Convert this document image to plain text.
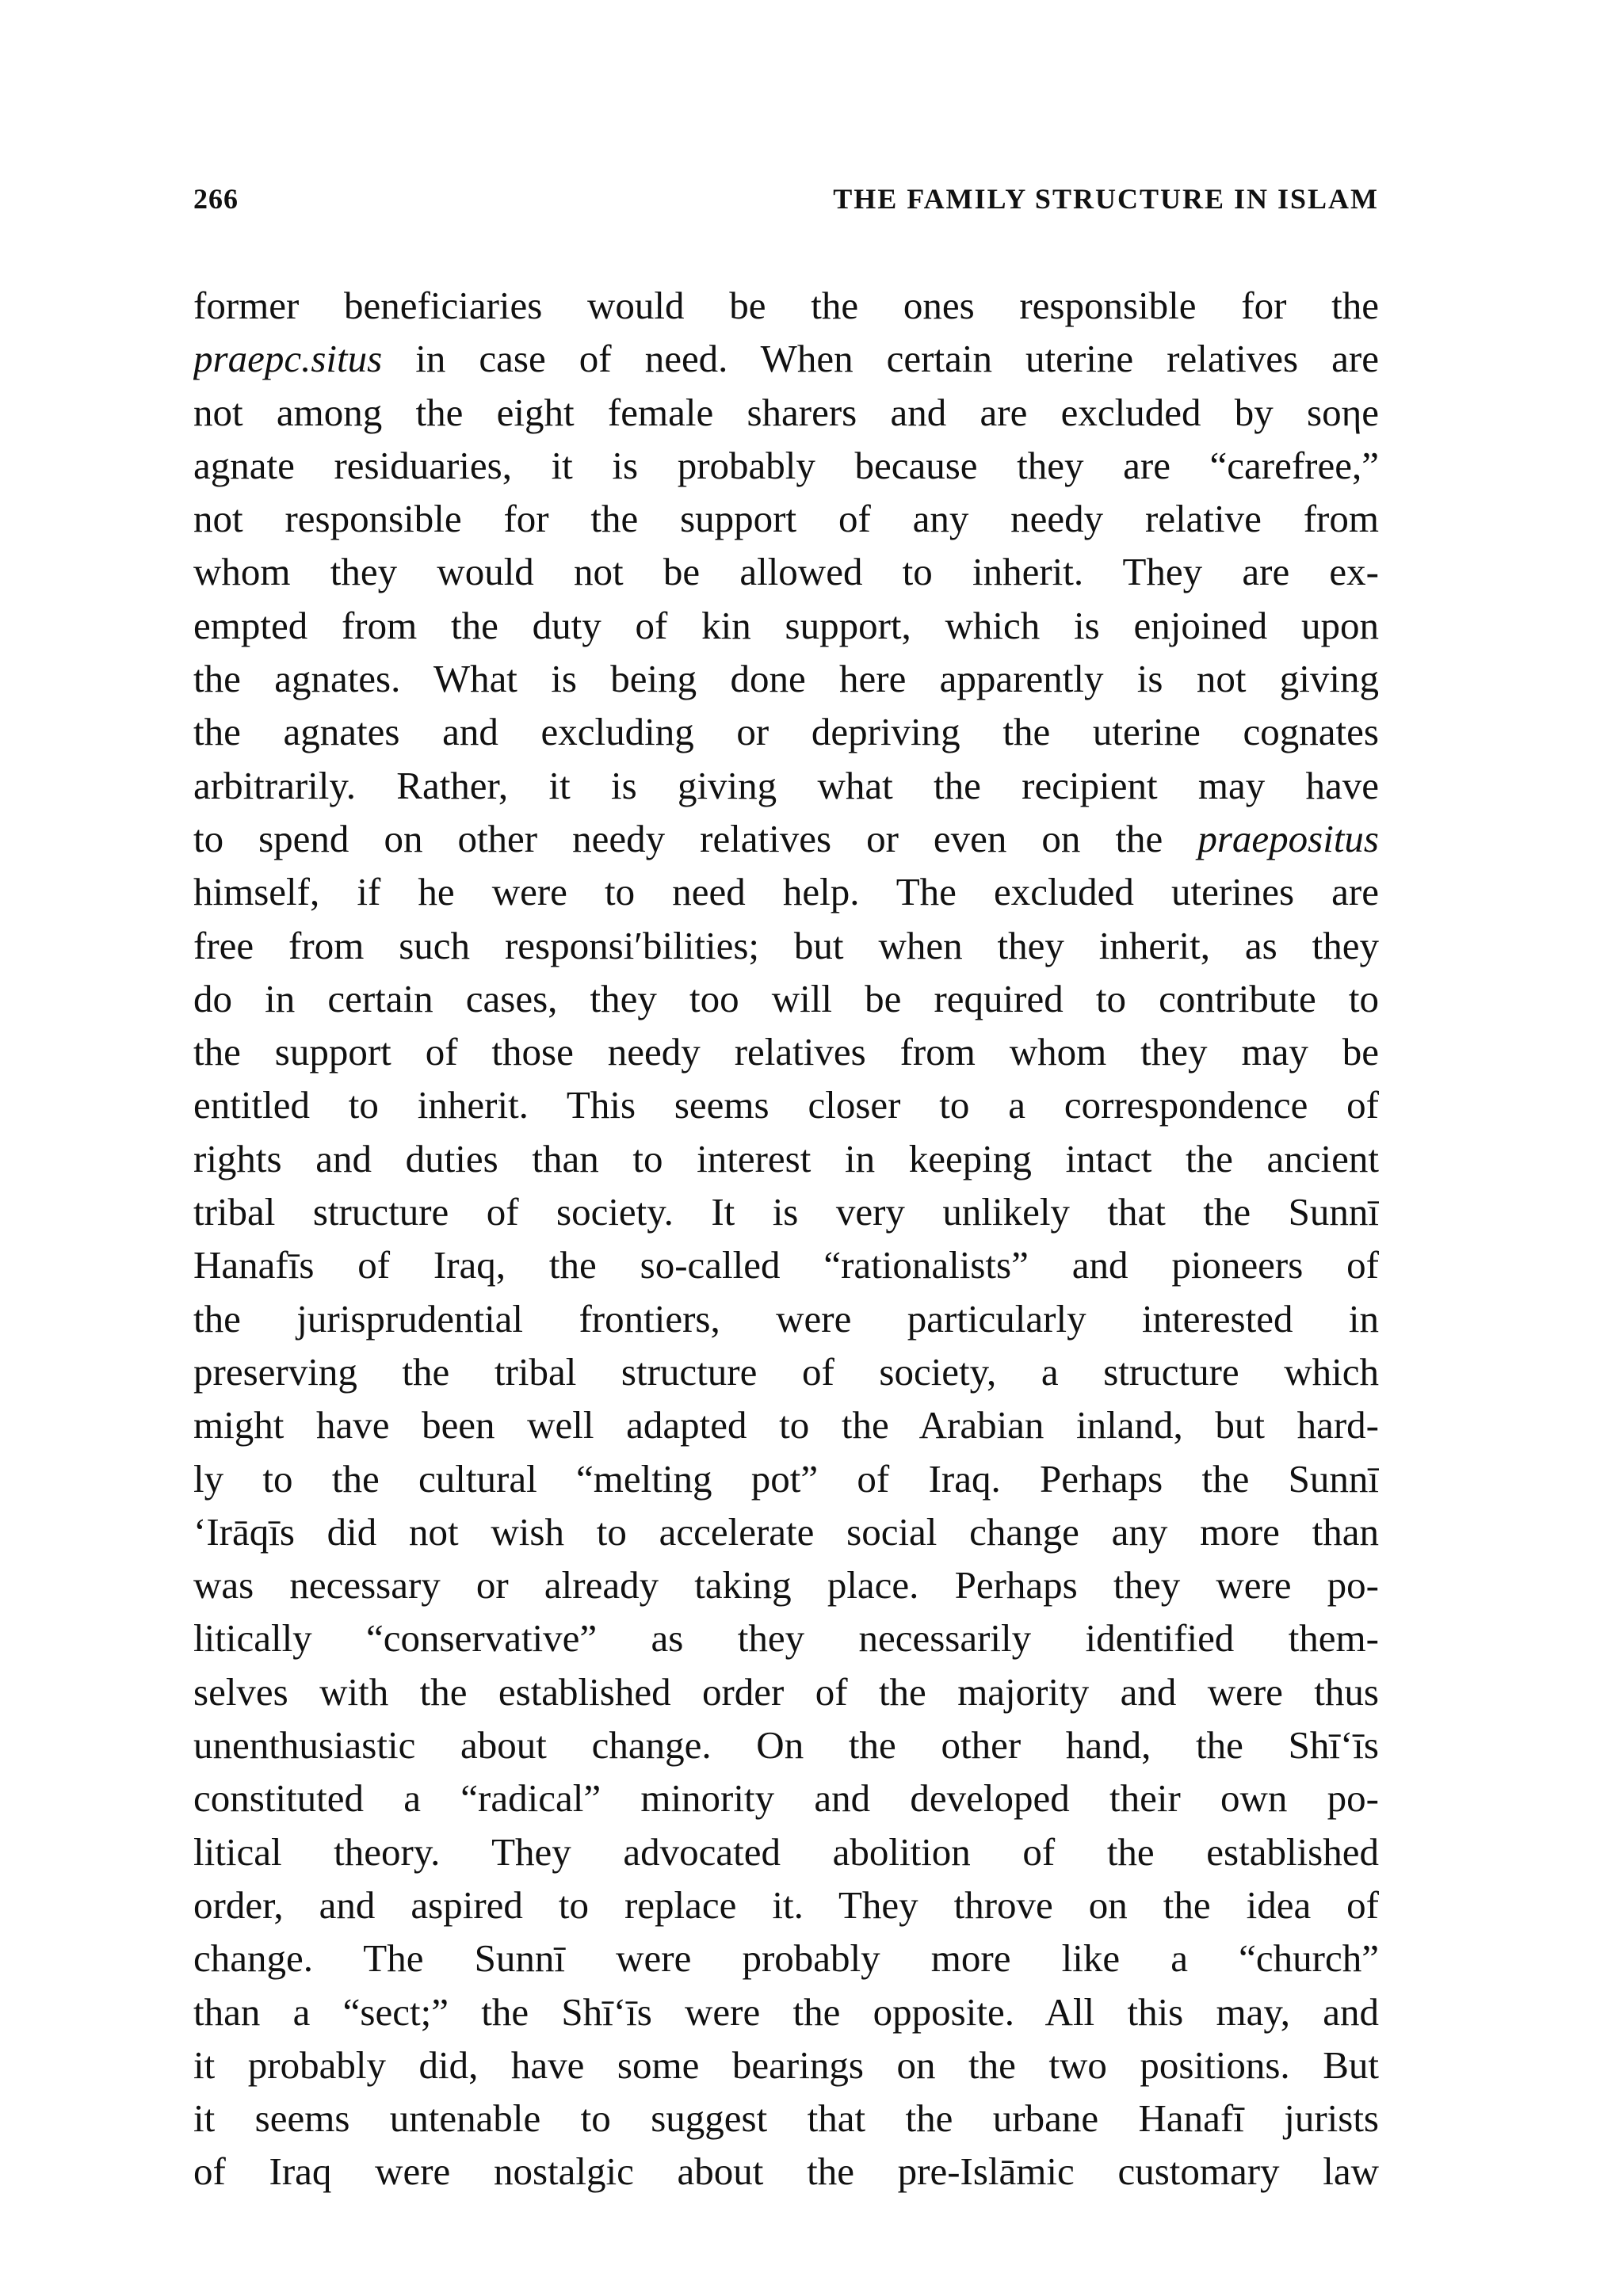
266	THE FAMILY STRUCTURE IN ISLAM
former beneficiaries would be the ones responsible for the
praepc.situs in case of need. When certain uterine relatives are
not among the eight female sharers and are excluded by soηe
agnate residuaries, it is probably because they are “carefree,”
not responsible for the support of any needy relative from
whom they would not be allowed to inherit. They are ex-
empted from the duty of kin support, which is enjoined upon
the agnates. What is being done here apparently is not giving
the agnates and excluding or depriving the uterine cognates
arbitrarily. Rather, it is giving what the recipient may have
to spend on other needy relatives or even on the praepositus
himself, if he were to need help. The excluded uterines are
free from such responsiʹbilities; but when they inherit, as they
do in certain cases, they too will be required to contribute to
the support of those needy relatives from whom they may be
entitled to inherit. This seems closer to a correspondence of
rights and duties than to interest in keeping intact the ancient
tribal structure of society. It is very unlikely that the Sunnī
Hanafīs of Iraq, the so-called “rationalists” and pioneers of
the jurisprudential frontiers, were particularly interested in
preserving the tribal structure of society, a structure which
might have been well adapted to the Arabian inland, but hard-
ly to the cultural “melting pot” of Iraq. Perhaps the Sunnī
‘Irāqīs did not wish to accelerate social change any more than
was necessary or already taking place. Perhaps they were po-
litically “conservative” as they necessarily identified them-
selves with the established order of the majority and were thus
unenthusiastic about change. On the other hand, the Shī‘īs
constituted a “radical” minority and developed their own po-
litical theory. They advocated abolition of the established
order, and aspired to replace it. They throve on the idea of
change. The Sunnī were probably more like a “church”
than a “sect;” the Shī‘īs were the opposite. All this may, and
it probably did, have some bearings on the two positions. But
it seems untenable to suggest that the urbane Hanafī jurists
of Iraq were nostalgic about the pre-Islāmic customary law
